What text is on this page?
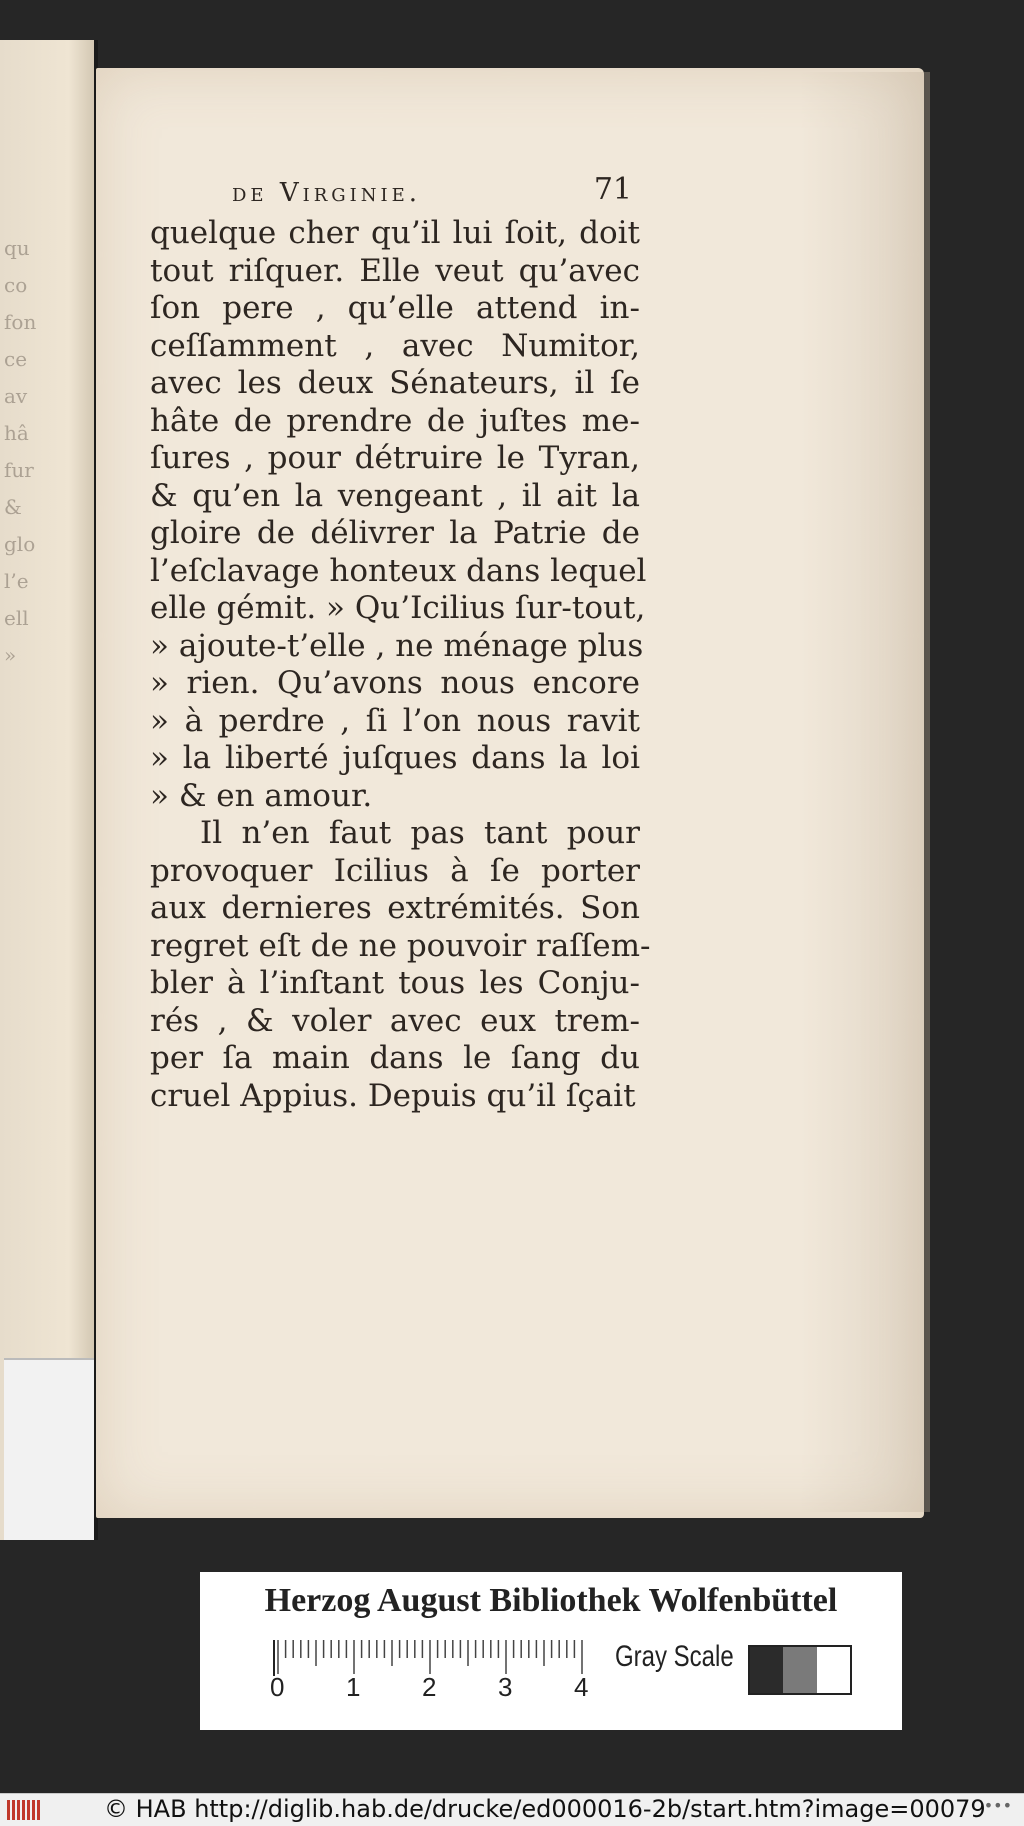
qu
co
fon
ce
av
hâ
fur
&
glo
l’e
ell
»
de Virginie.	71
quelque cher qu’il lui ſoit, doit
tout riſquer. Elle veut qu’avec
ſon pere , qu’elle attend in-
ceſſamment , avec Numitor,
avec les deux Sénateurs, il ſe
hâte de prendre de juſtes me-
ſures , pour détruire le Tyran,
& qu’en la vengeant , il ait la
gloire de délivrer la Patrie de
l’eſclavage honteux dans lequel
elle gémit. » Qu’Icilius ſur-tout,
» ajoute-t’elle , ne ménage plus
» rien. Qu’avons nous encore
» à perdre , ſi l’on nous ravit
» la liberté juſques dans la loi
» & en amour.
Il n’en faut pas tant pour
provoquer Icilius à ſe porter
aux dernieres extrémités. Son
regret eſt de ne pouvoir raſſem-
bler à l’inſtant tous les Conju-
rés , & voler avec eux trem-
per ſa main dans le ſang du
cruel Appius. Depuis qu’il ſçait
Herzog August Bibliothek Wolfenbüttel
0 1 2 3 4
Gray Scale
© HAB http://diglib.hab.de/drucke/ed000016-2b/start.htm?image=00079
•••
